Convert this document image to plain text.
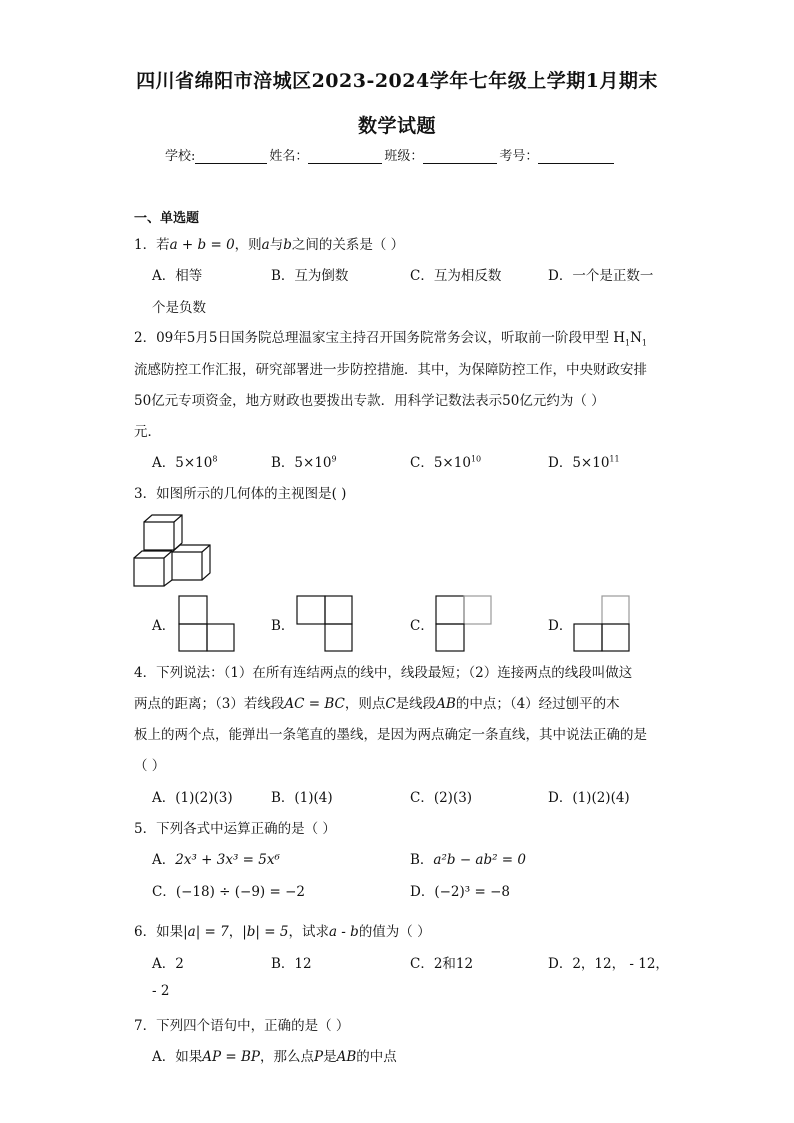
四川省绵阳市涪城区2023-2024学年七年级上学期1月期末
数学试题
学校:	姓名：	班级：	考号：
一、单选题
1．若a + b = 0，则a与b之间的关系是（ ）
A．相等	B．互为倒数	C．互为相反数	D．一个是正数一
个是负数
2．09年5月5日国务院总理温家宝主持召开国务院常务会议，听取前一阶段甲型 $H_1N_1$
流感防控工作汇报，研究部署进一步防控措施．其中，为保障防控工作，中央财政安排
50亿元专项资金，地方财政也要拨出专款．用科学记数法表示50亿元约为（ ）
元．
A．$5\times 10^8$	B．$5\times 10^9$	C．$5\times 10^{10}$	D．$5\times 10^{11}$
3．如图所示的几何体的主视图是( )
A．	B．	C．	D．
4．下列说法：（1）在所有连结两点的线中，线段最短；（2）连接两点的线段叫做这
两点的距离；（3）若线段AC = BC，则点C是线段AB的中点；（4）经过刨平的木
板上的两个点，能弹出一条笔直的墨线，是因为两点确定一条直线，其中说法正确的是
（ ）
A．(1)(2)(3)	B．(1)(4)	C．(2)(3)	D．(1)(2)(4)
5．下列各式中运算正确的是（ ）
A．2x³ + 3x³ = 5x⁶	B．a²b − ab² = 0
C．(−18) ÷ (−9) = −2	D．(−2)³ = −8
6．如果|a| = 7，|b| = 5，试求a - b的值为（ ）
A．2	B．12	C．2和12	D．2，12， - 12，
- 2
7．下列四个语句中，正确的是（ ）
A．如果AP = BP，那么点P是AB的中点
